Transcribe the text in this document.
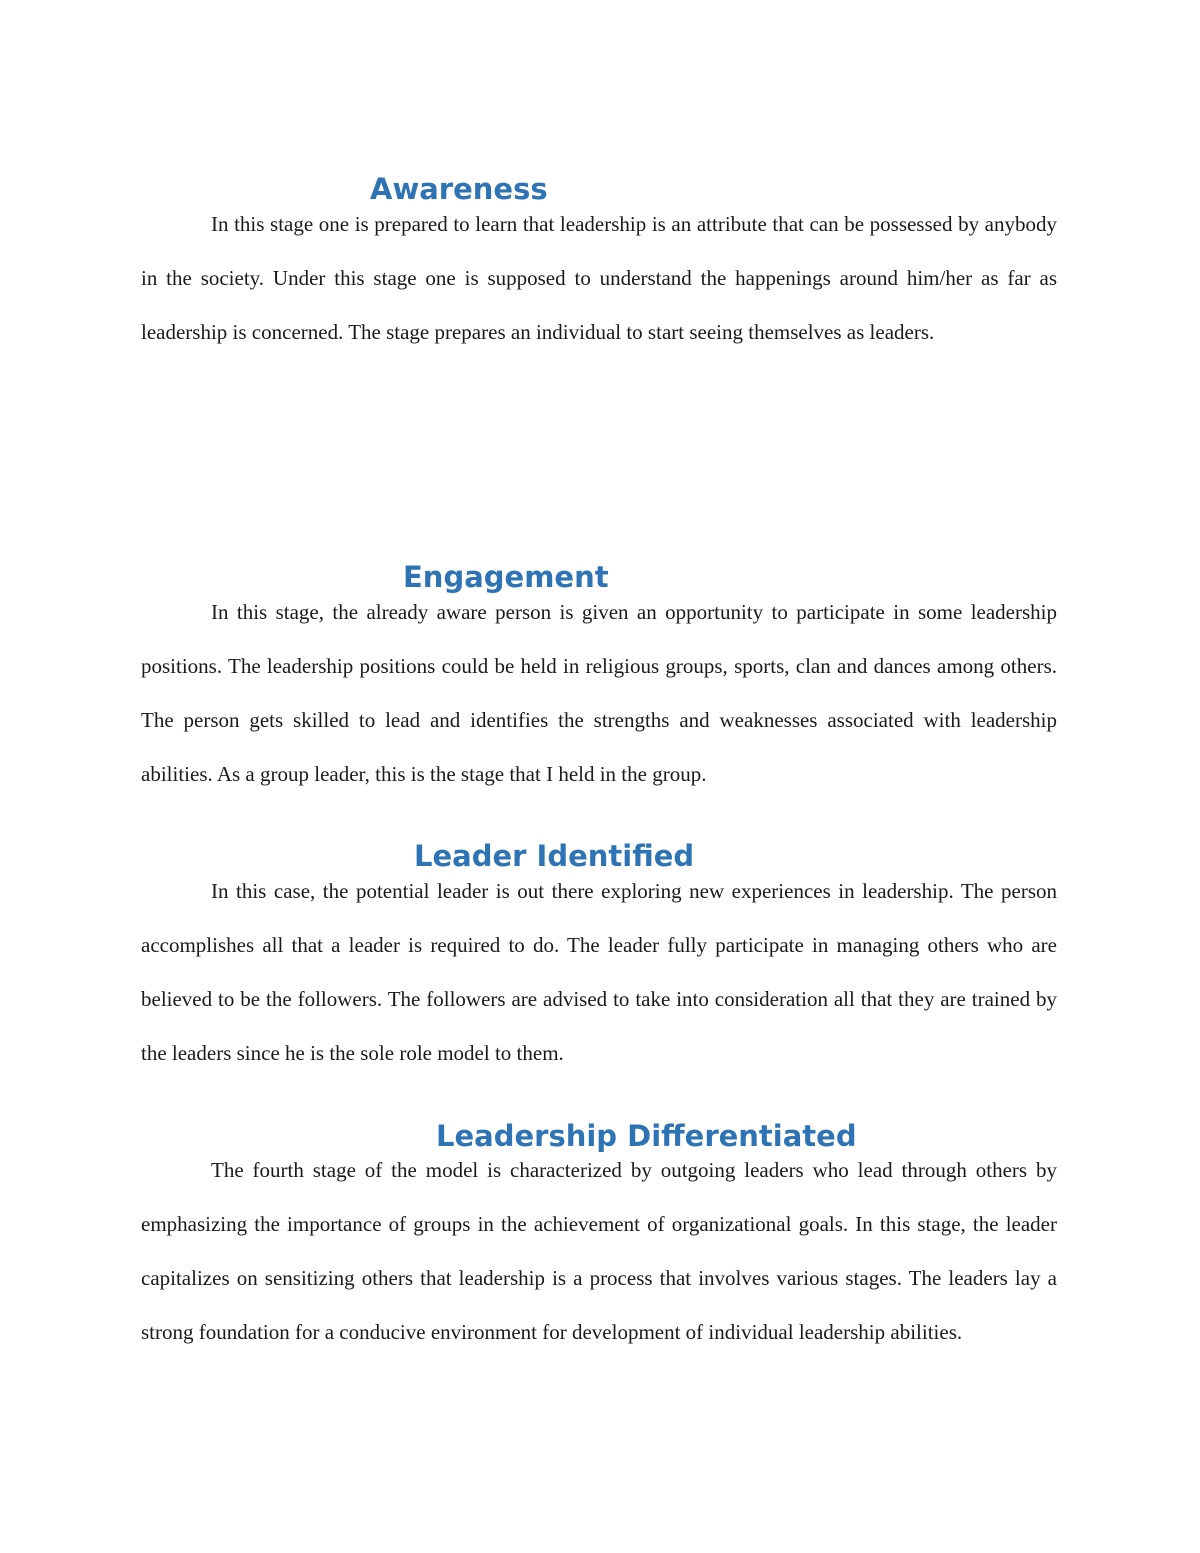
Awareness

In this stage one is prepared to learn that leadership is an attribute that can be possessed by anybody in the society. Under this stage one is supposed to understand the happenings around him/her as far as leadership is concerned. The stage prepares an individual to start seeing themselves as leaders.

Engagement

In this stage, the already aware person is given an opportunity to participate in some leadership positions. The leadership positions could be held in religious groups, sports, clan and dances among others. The person gets skilled to lead and identifies the strengths and weaknesses associated with leadership abilities. As a group leader, this is the stage that I held in the group.

Leader Identified

In this case, the potential leader is out there exploring new experiences in leadership. The person accomplishes all that a leader is required to do. The leader fully participate in managing others who are believed to be the followers. The followers are advised to take into consideration all that they are trained by the leaders since he is the sole role model to them.

Leadership Differentiated

The fourth stage of the model is characterized by outgoing leaders who lead through others by emphasizing the importance of groups in the achievement of organizational goals. In this stage, the leader capitalizes on sensitizing others that leadership is a process that involves various stages. The leaders lay a strong foundation for a conducive environment for development of individual leadership abilities.
